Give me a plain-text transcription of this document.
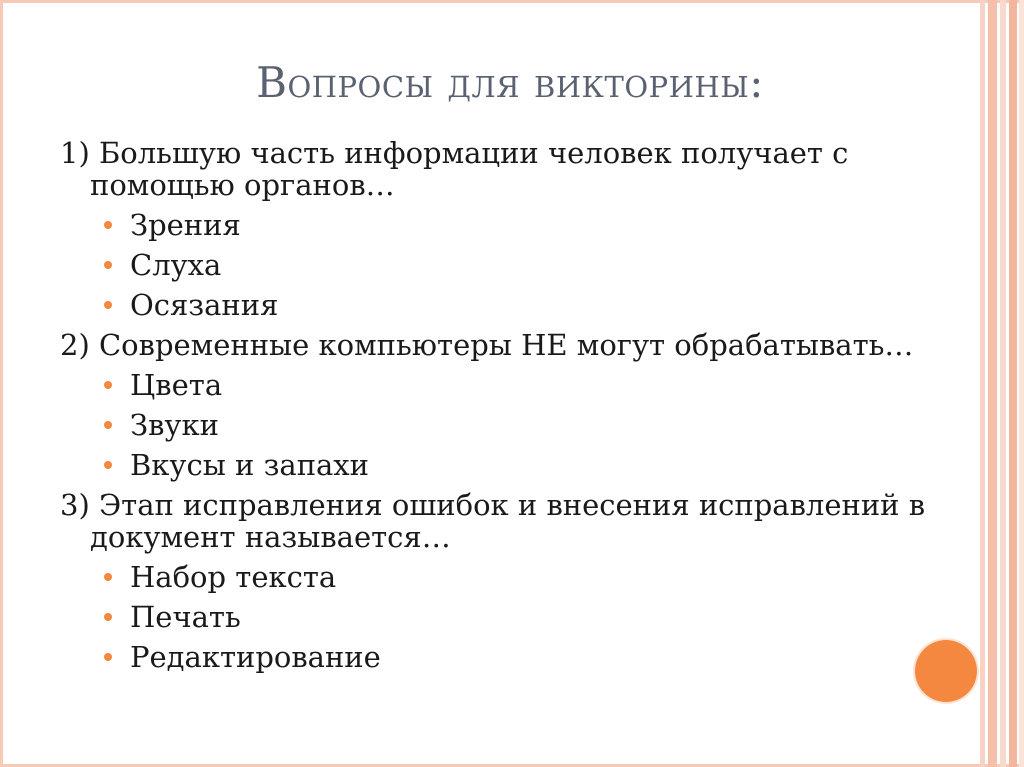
Вопросы для викторины:
1) Большую часть информации человек получает с помощью органов…
Зрения
Слуха
Осязания
2) Современные компьютеры НЕ могут обрабатывать…
Цвета
Звуки
Вкусы и запахи
3) Этап исправления ошибок и внесения исправлений в документ называется…
Набор текста
Печать
Редактирование
